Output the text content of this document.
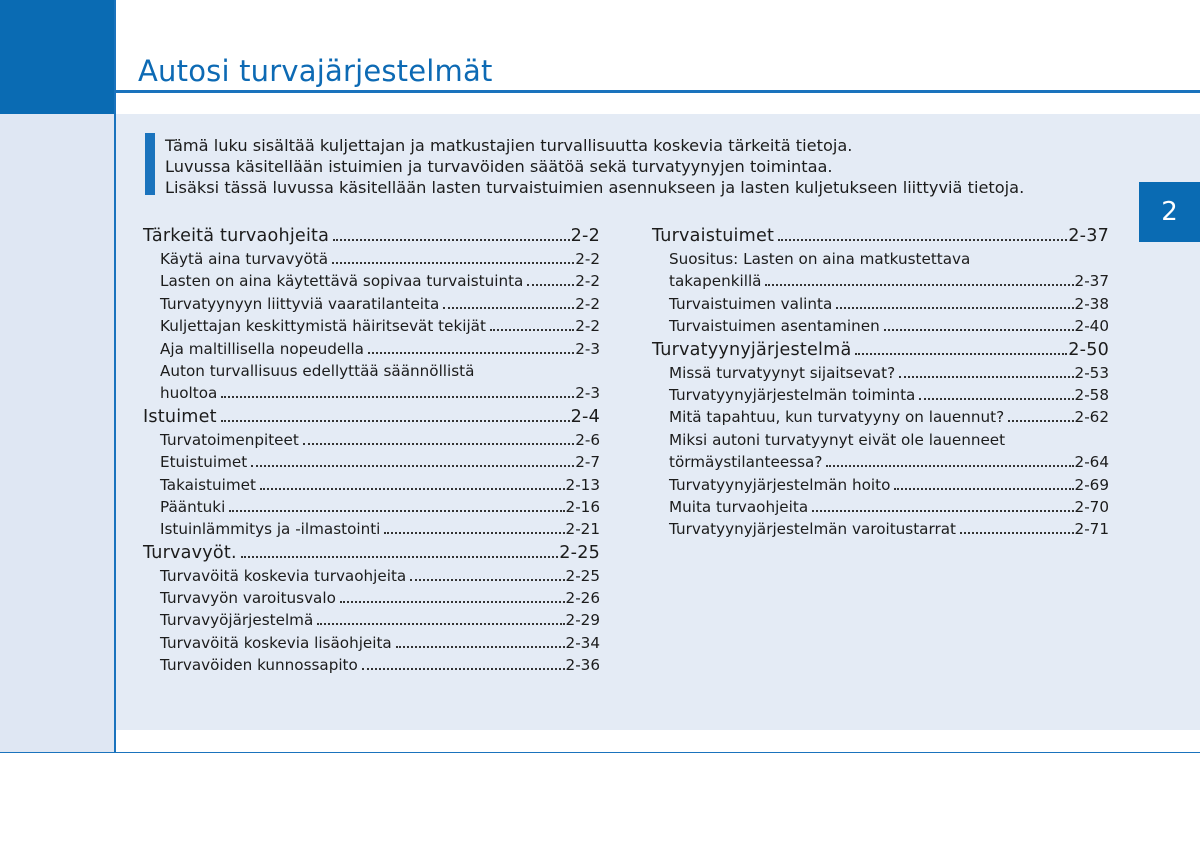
Autosi turvajärjestelmät
Tämä luku sisältää kuljettajan ja matkustajien turvallisuutta koskevia tärkeitä tietoja.
Luvussa käsitellään istuimien ja turvavöiden säätöä sekä turvatyynyjen toimintaa.
Lisäksi tässä luvussa käsitellään lasten turvaistuimien asennukseen ja lasten kuljetukseen liittyviä tietoja.
2
Tärkeitä turvaohjeita	2-2
Käytä aina turvavyötä	2-2
Lasten on aina käytettävä sopivaa turvaistuinta	2-2
Turvatyynyyn liittyviä vaaratilanteita	2-2
Kuljettajan keskittymistä häiritsevät tekijät	2-2
Aja maltillisella nopeudella	2-3
Auton turvallisuus edellyttää säännöllistä
huoltoa	2-3
Istuimet	2-4
Turvatoimenpiteet	2-6
Etuistuimet	2-7
Takaistuimet	2-13
Pääntuki	2-16
Istuinlämmitys ja -ilmastointi	2-21
Turvavyöt.	2-25
Turvavöitä koskevia turvaohjeita	2-25
Turvavyön varoitusvalo	2-26
Turvavyöjärjestelmä	2-29
Turvavöitä koskevia lisäohjeita	2-34
Turvavöiden kunnossapito	2-36
Turvaistuimet	2-37
Suositus: Lasten on aina matkustettava
takapenkillä	2-37
Turvaistuimen valinta	2-38
Turvaistuimen asentaminen	2-40
Turvatyynyjärjestelmä	2-50
Missä turvatyynyt sijaitsevat?	2-53
Turvatyynyjärjestelmän toiminta	2-58
Mitä tapahtuu, kun turvatyyny on lauennut?	2-62
Miksi autoni turvatyynyt eivät ole lauenneet
törmäystilanteessa?	2-64
Turvatyynyjärjestelmän hoito	2-69
Muita turvaohjeita	2-70
Turvatyynyjärjestelmän varoitustarrat	2-71
